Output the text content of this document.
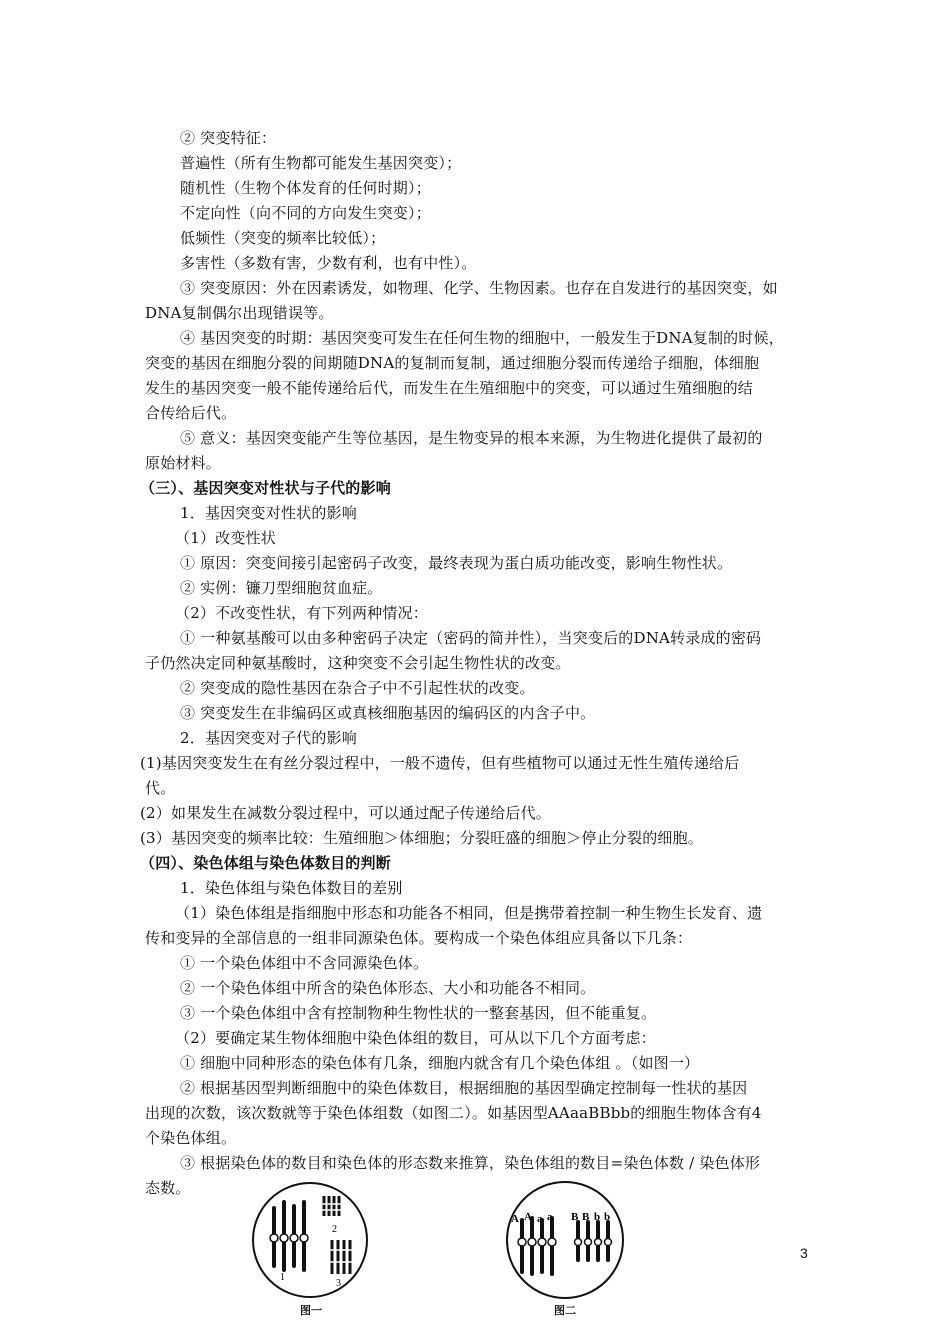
② 突变特征：
普遍性（所有生物都可能发生基因突变）；
随机性（生物个体发育的任何时期）；
不定向性（向不同的方向发生突变）；
低频性（突变的频率比较低）；
多害性（多数有害，少数有利，也有中性）。
③ 突变原因：外在因素诱发，如物理、化学、生物因素。也存在自发进行的基因突变，如
DNA复制偶尔出现错误等。
④ 基因突变的时期：基因突变可发生在任何生物的细胞中，一般发生于DNA复制的时候，
突变的基因在细胞分裂的间期随DNA的复制而复制，通过细胞分裂而传递给子细胞，体细胞
发生的基因突变一般不能传递给后代，而发生在生殖细胞中的突变，可以通过生殖细胞的结
合传给后代。
⑤ 意义：基因突变能产生等位基因，是生物变异的根本来源，为生物进化提供了最初的
原始材料。
（三）、基因突变对性状与子代的影响
1．基因突变对性状的影响
（1）改变性状
① 原因：突变间接引起密码子改变，最终表现为蛋白质功能改变，影响生物性状。
② 实例：镰刀型细胞贫血症。
（2）不改变性状，有下列两种情况：
① 一种氨基酸可以由多种密码子决定（密码的简并性），当突变后的DNA转录成的密码
子仍然决定同种氨基酸时，这种突变不会引起生物性状的改变。
② 突变成的隐性基因在杂合子中不引起性状的改变。
③ 突变发生在非编码区或真核细胞基因的编码区的内含子中。
2．基因突变对子代的影响
(1)基因突变发生在有丝分裂过程中，一般不遗传，但有些植物可以通过无性生殖传递给后
代。
(2）如果发生在减数分裂过程中，可以通过配子传递给后代。
(3）基因突变的频率比较：生殖细胞＞体细胞；分裂旺盛的细胞＞停止分裂的细胞。
（四）、染色体组与染色体数目的判断
1．染色体组与染色体数目的差别
（1）染色体组是指细胞中形态和功能各不相同，但是携带着控制一种生物生长发育、遗
传和变异的全部信息的一组非同源染色体。要构成一个染色体组应具备以下几条：
① 一个染色体组中不含同源染色体。
② 一个染色体组中所含的染色体形态、大小和功能各不相同。
③ 一个染色体组中含有控制物种生物性状的一整套基因，但不能重复。
（2）要确定某生物体细胞中染色体组的数目，可从以下几个方面考虑：
① 细胞中同种形态的染色体有几条，细胞内就含有几个染色体组 。（如图一）
② 根据基因型判断细胞中的染色体数目，根据细胞的基因型确定控制每一性状的基因
出现的次数，该次数就等于染色体组数（如图二）。如基因型AAaaBBbb的细胞生物体含有4
个染色体组。
③ 根据染色体的数目和染色体的形态数来推算，染色体组的数目=染色体数 / 染色体形
态数。
1
2
3
图一
A A a a B B b b
图二
3
